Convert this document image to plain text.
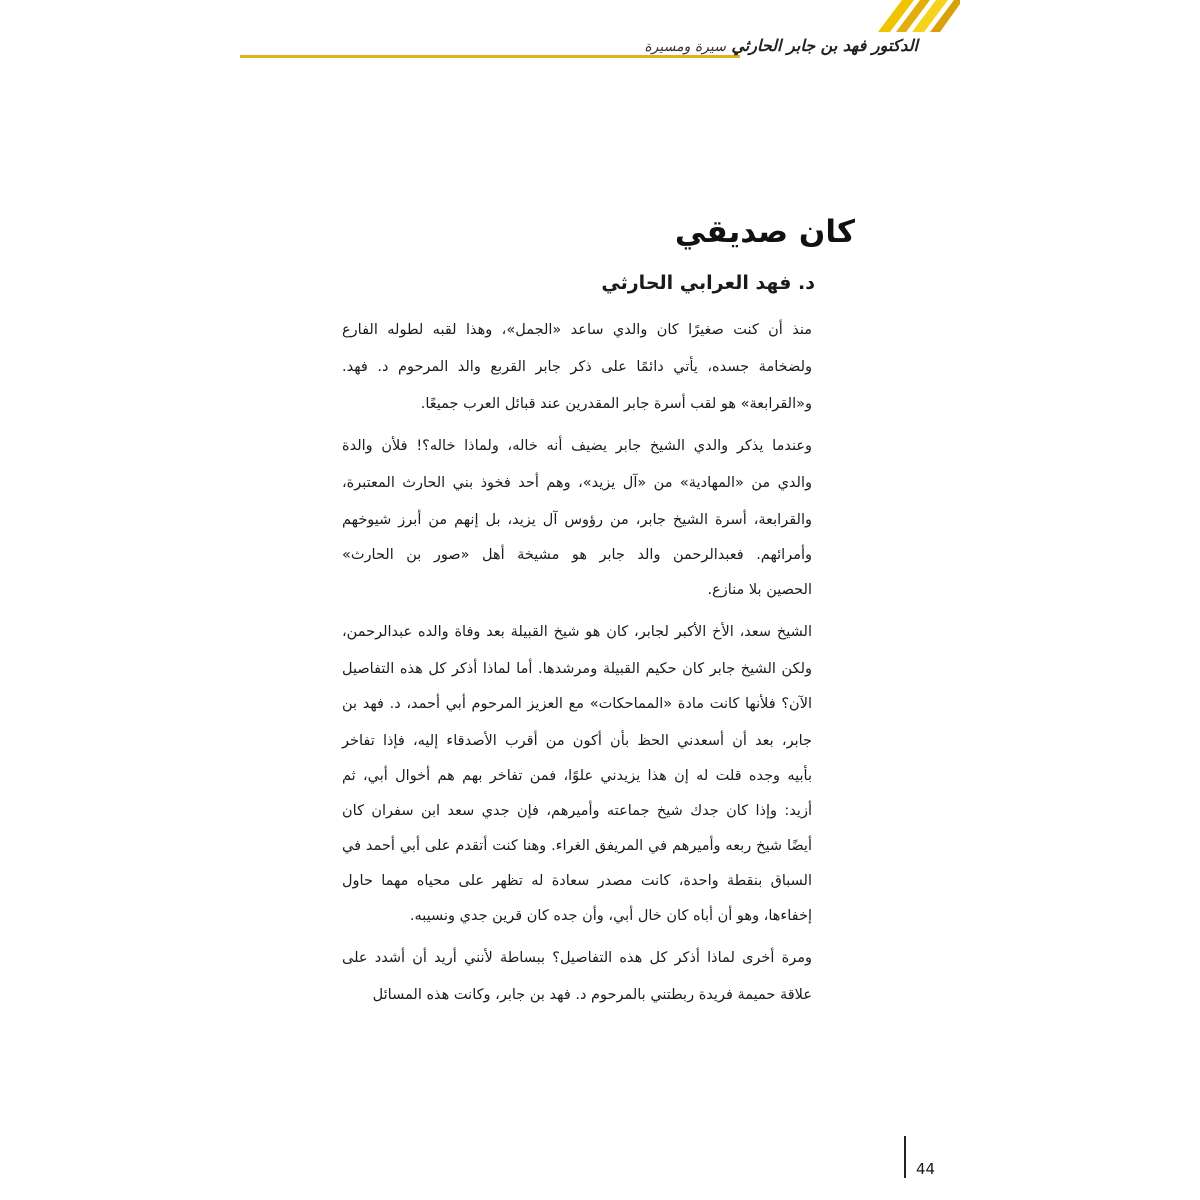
الدكتور فهد بن جابر الحارثي سيرة ومسيرة
كان صديقي
د. فهد العرابي الحارثي
منذ أن كنت صغيرًا كان والدي ساعد «الجمل»، وهذا لقبه لطوله الفارع
ولضخامة جسده، يأتي دائمًا على ذكر جابر القربع والد المرحوم د. فهد.
و«القرابعة» هو لقب أسرة جابر المقدرين عند قبائل العرب جميعًا.
وعندما يذكر والدي الشيخ جابر يضيف أنه خاله، ولماذا خاله؟! فلأن والدة
والدي من «المهادية» من «آل يزيد»، وهم أحد فخوذ بني الحارث المعتبرة،
والقرابعة، أسرة الشيخ جابر، من رؤوس آل يزيد، بل إنهم من أبرز شيوخهم
وأمرائهم. فعبدالرحمن والد جابر هو مشيخة أهل «صور بن الحارث»
الحصين بلا منازع.
الشيخ سعد، الأخ الأكبر لجابر، كان هو شيخ القبيلة بعد وفاة والده عبدالرحمن،
ولكن الشيخ جابر كان حكيم القبيلة ومرشدها. أما لماذا أذكر كل هذه التفاصيل
الآن؟ فلأنها كانت مادة «المماحكات» مع العزيز المرحوم أبي أحمد، د. فهد بن
جابر، بعد أن أسعدني الحظ بأن أكون من أقرب الأصدقاء إليه، فإذا تفاخر
بأبيه وجده قلت له إن هذا يزيدني علوًا، فمن تفاخر بهم هم أخوال أبي، ثم
أزيد: وإذا كان جدك شيخ جماعته وأميرهم، فإن جدي سعد ابن سفران كان
أيضًا شيخ ربعه وأميرهم في المريفق الغراء. وهنا كنت أتقدم على أبي أحمد في
السباق بنقطة واحدة، كانت مصدر سعادة له تظهر على محياه مهما حاول
إخفاءها، وهو أن أباه كان خال أبي، وأن جده كان قرين جدي ونسيبه.
ومرة أخرى لماذا أذكر كل هذه التفاصيل؟ ببساطة لأنني أريد أن أشدد على
علاقة حميمة فريدة ربطتني بالمرحوم د. فهد بن جابر، وكانت هذه المسائل
44
